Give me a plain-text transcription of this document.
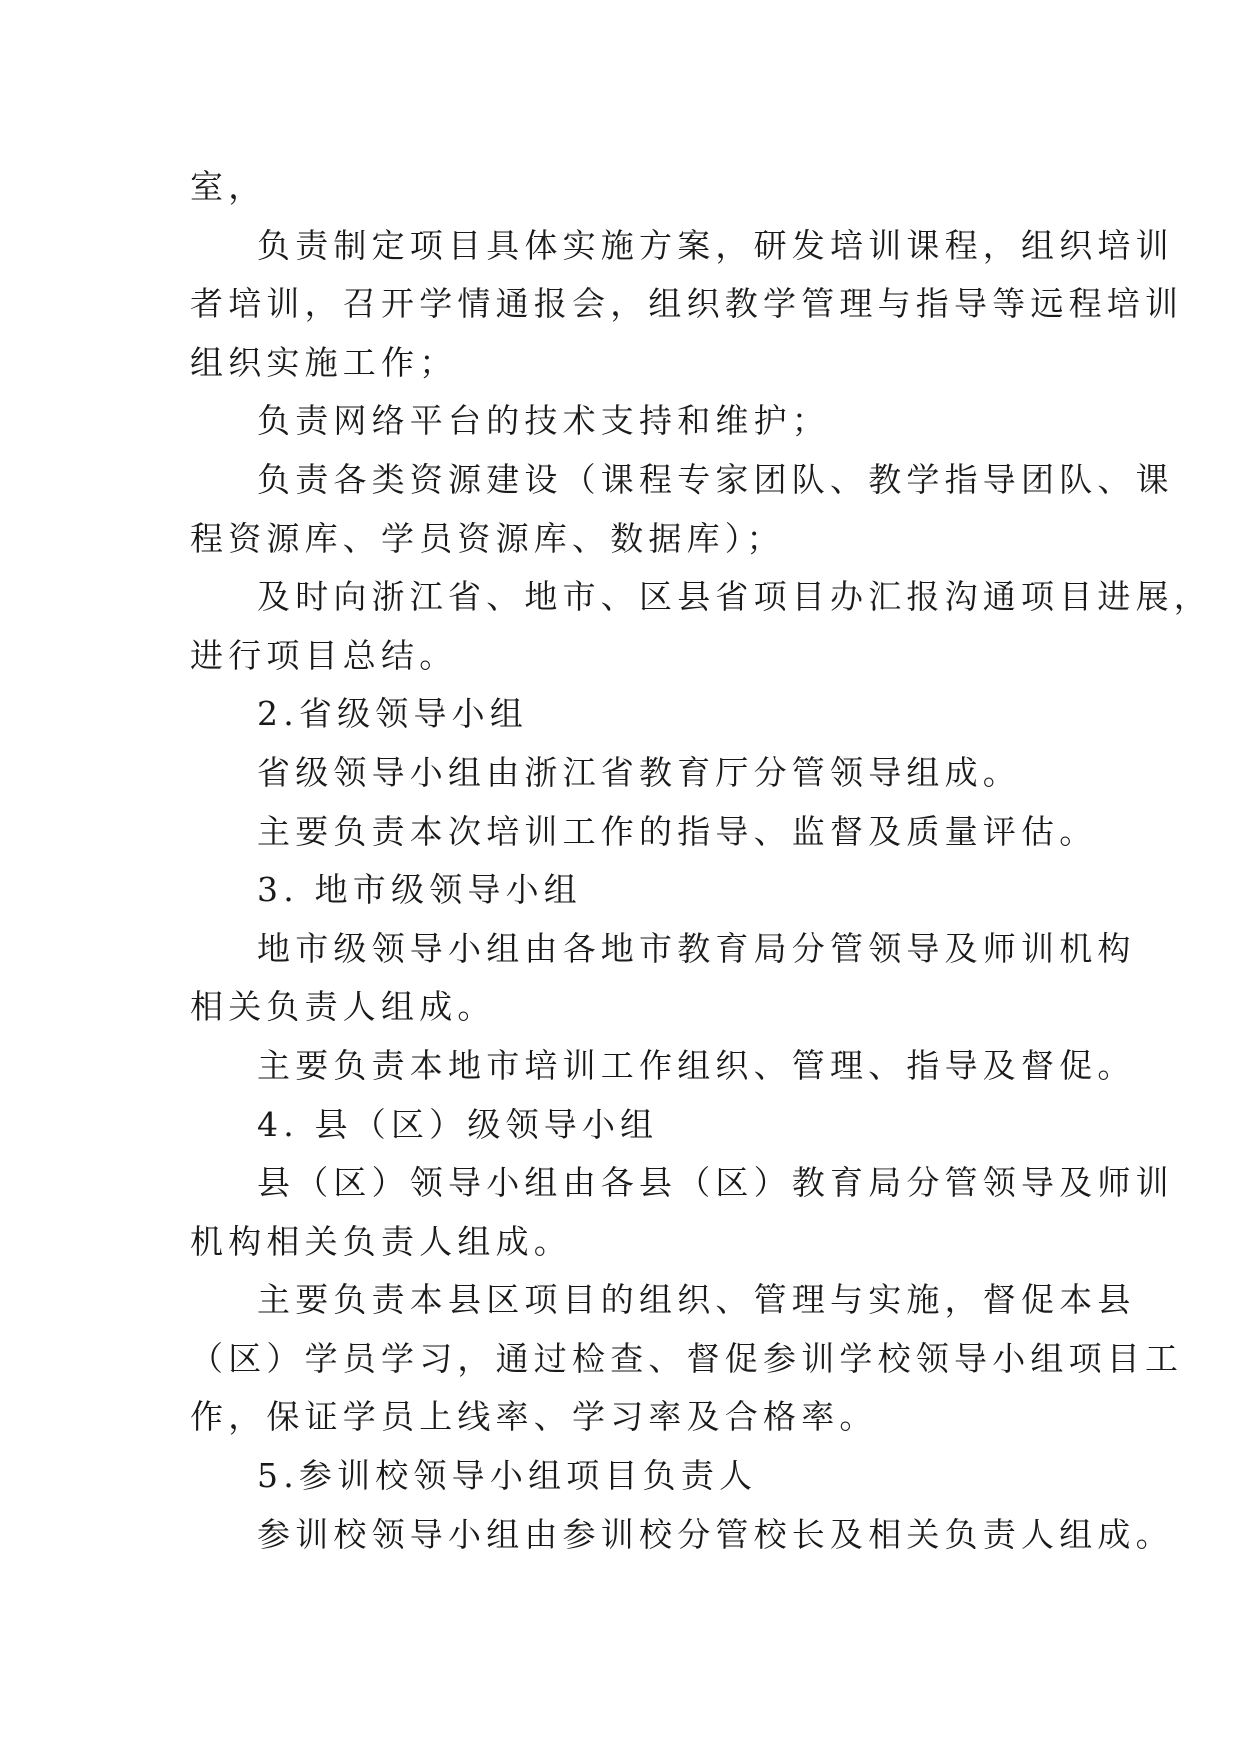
室，

负责制定项目具体实施方案，研发培训课程，组织培训

者培训，召开学情通报会，组织教学管理与指导等远程培训

组织实施工作；

负责网络平台的技术支持和维护；

负责各类资源建设（课程专家团队、教学指导团队、课

程资源库、学员资源库、数据库）；

及时向浙江省、地市、区县省项目办汇报沟通项目进展，

进行项目总结。

2.省级领导小组

省级领导小组由浙江省教育厅分管领导组成。

主要负责本次培训工作的指导、监督及质量评估。

3. 地市级领导小组

地市级领导小组由各地市教育局分管领导及师训机构

相关负责人组成。

主要负责本地市培训工作组织、管理、指导及督促。

4. 县（区）级领导小组

县（区）领导小组由各县（区）教育局分管领导及师训

机构相关负责人组成。

主要负责本县区项目的组织、管理与实施，督促本县

（区）学员学习，通过检查、督促参训学校领导小组项目工

作，保证学员上线率、学习率及合格率。

5.参训校领导小组项目负责人

参训校领导小组由参训校分管校长及相关负责人组成。
